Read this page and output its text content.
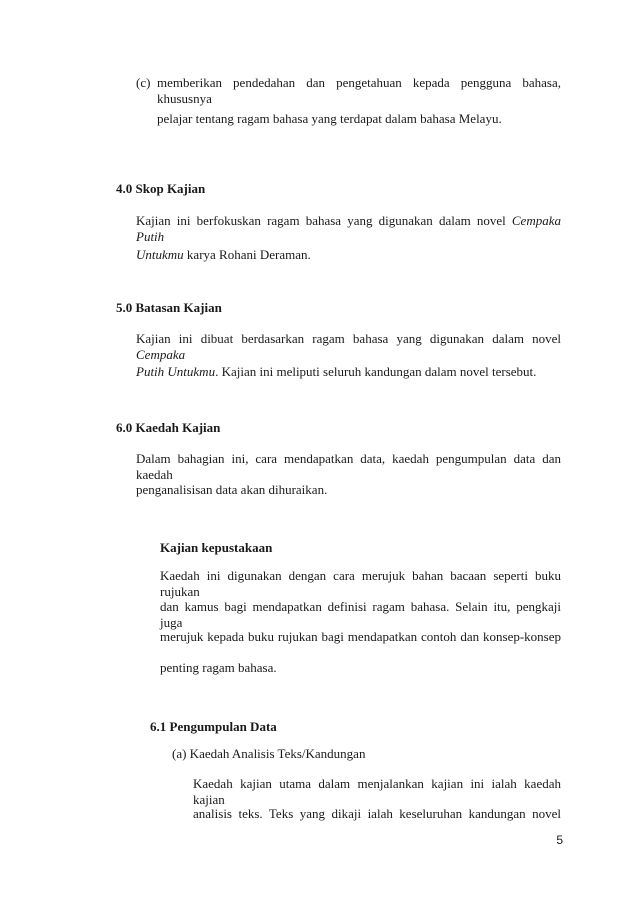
(c) memberikan pendedahan dan pengetahuan kepada pengguna bahasa, khususnya
pelajar tentang ragam bahasa yang terdapat dalam bahasa Melayu.
4.0 Skop Kajian
Kajian ini berfokuskan ragam bahasa yang digunakan dalam novel Cempaka Putih
Untukmu karya Rohani Deraman.
5.0 Batasan Kajian
Kajian ini dibuat berdasarkan ragam bahasa yang digunakan dalam novel Cempaka
Putih Untukmu. Kajian ini meliputi seluruh kandungan dalam novel tersebut.
6.0 Kaedah Kajian
Dalam bahagian ini, cara mendapatkan data, kaedah pengumpulan data dan kaedah
penganalisisan data akan dihuraikan.
Kajian kepustakaan
Kaedah ini digunakan dengan cara merujuk bahan bacaan seperti buku rujukan
dan kamus bagi mendapatkan definisi ragam bahasa. Selain itu, pengkaji juga
merujuk kepada buku rujukan bagi mendapatkan contoh dan konsep-konsep
penting ragam bahasa.
6.1 Pengumpulan Data
(a) Kaedah Analisis Teks/Kandungan
Kaedah kajian utama dalam menjalankan kajian ini ialah kaedah kajian
analisis teks. Teks yang dikaji ialah keseluruhan kandungan novel
5
